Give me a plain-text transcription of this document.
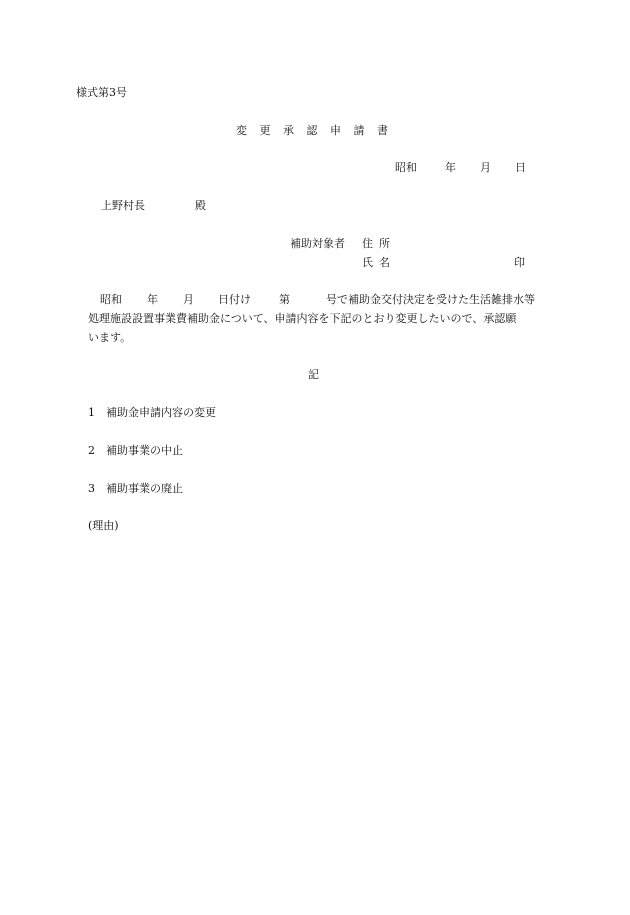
様式第3号
変 更 承 認 申 請 書
昭和	年 月 日
上野村長	殿
補助対象者 住所
氏名	印
昭和 年 月 日付け	第	号で補助金交付決定を受けた生活雑排水等
処理施設設置事業費補助金について、申請内容を下記のとおり変更したいので、承認願
います。
記
1 補助金申請内容の変更
2 補助事業の中止
3 補助事業の廃止
(理由)
